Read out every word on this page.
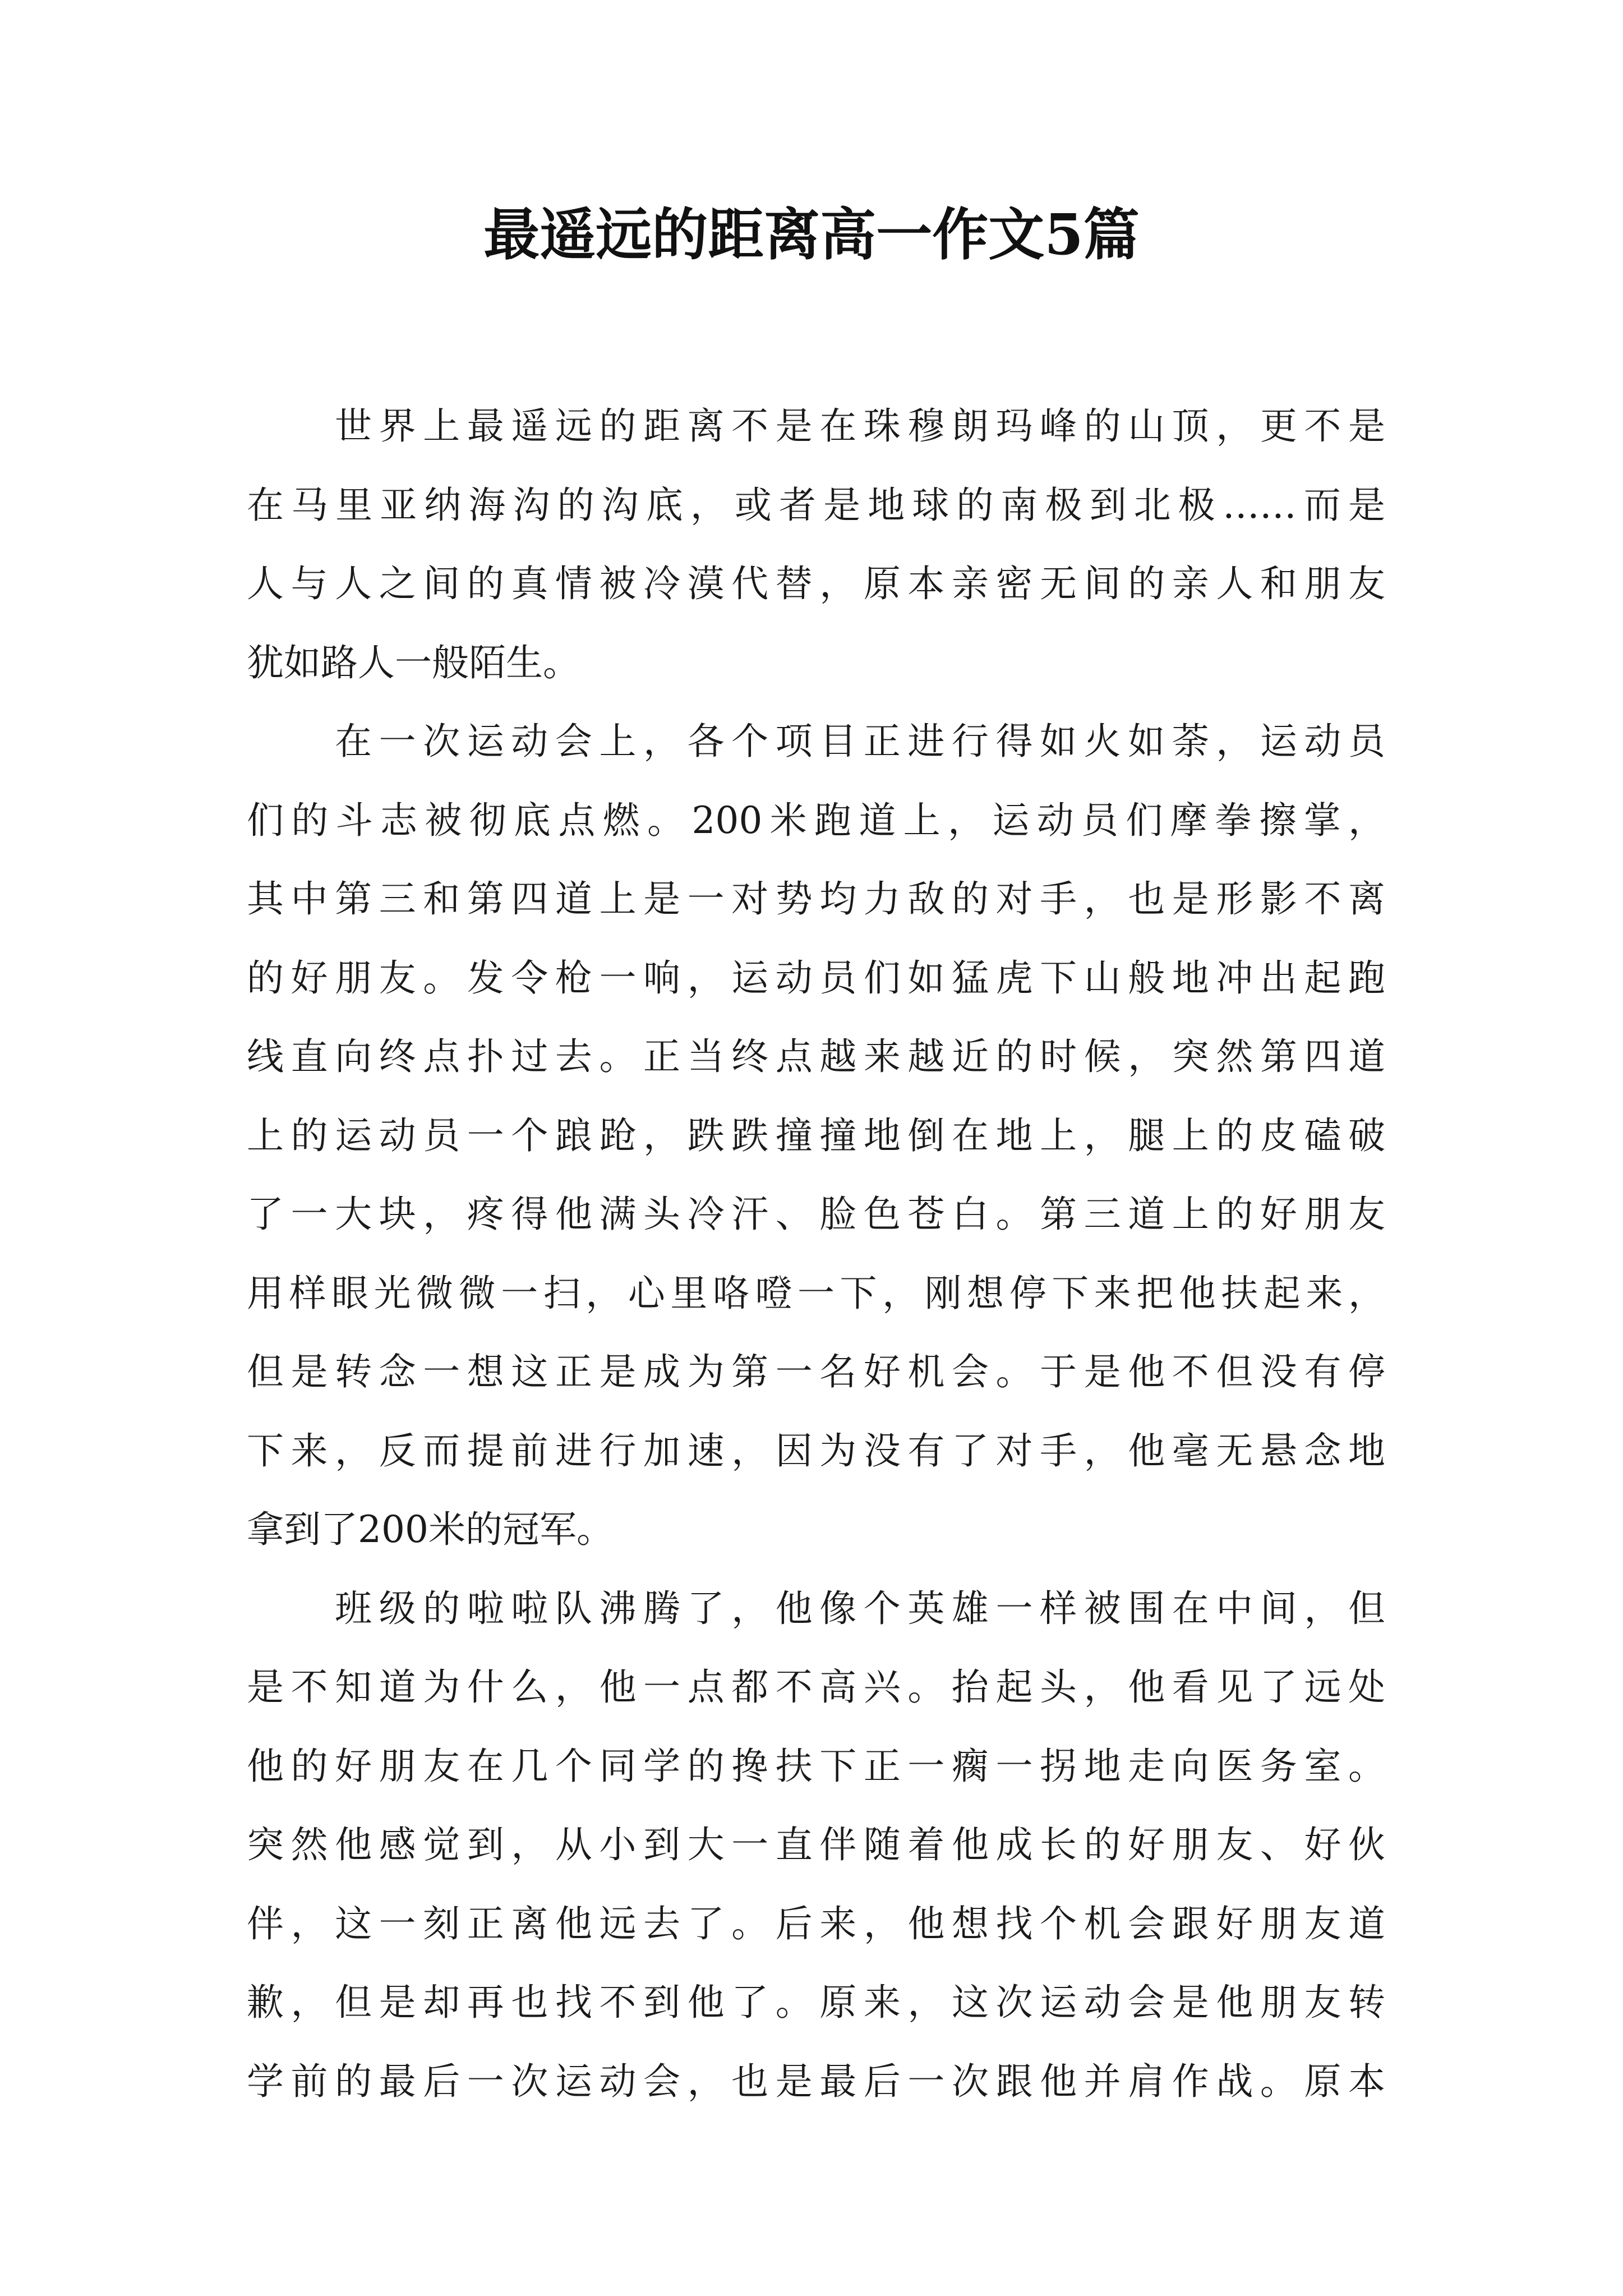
最遥远的距离高一作文5篇
世界上最遥远的距离不是在珠穆朗玛峰的山顶，更不是
在马里亚纳海沟的沟底，或者是地球的南极到北极……而是
人与人之间的真情被冷漠代替，原本亲密无间的亲人和朋友
犹如路人一般陌生。
在一次运动会上，各个项目正进行得如火如荼，运动员
们的斗志被彻底点燃。200米跑道上，运动员们摩拳擦掌，
其中第三和第四道上是一对势均力敌的对手，也是形影不离
的好朋友。发令枪一响，运动员们如猛虎下山般地冲出起跑
线直向终点扑过去。正当终点越来越近的时候，突然第四道
上的运动员一个踉跄，跌跌撞撞地倒在地上，腿上的皮磕破
了一大块，疼得他满头冷汗、脸色苍白。第三道上的好朋友
用样眼光微微一扫，心里咯噔一下，刚想停下来把他扶起来，
但是转念一想这正是成为第一名好机会。于是他不但没有停
下来，反而提前进行加速，因为没有了对手，他毫无悬念地
拿到了200米的冠军。
班级的啦啦队沸腾了，他像个英雄一样被围在中间，但
是不知道为什么，他一点都不高兴。抬起头，他看见了远处
他的好朋友在几个同学的搀扶下正一瘸一拐地走向医务室。
突然他感觉到，从小到大一直伴随着他成长的好朋友、好伙
伴，这一刻正离他远去了。后来，他想找个机会跟好朋友道
歉，但是却再也找不到他了。原来，这次运动会是他朋友转
学前的最后一次运动会，也是最后一次跟他并肩作战。原本
